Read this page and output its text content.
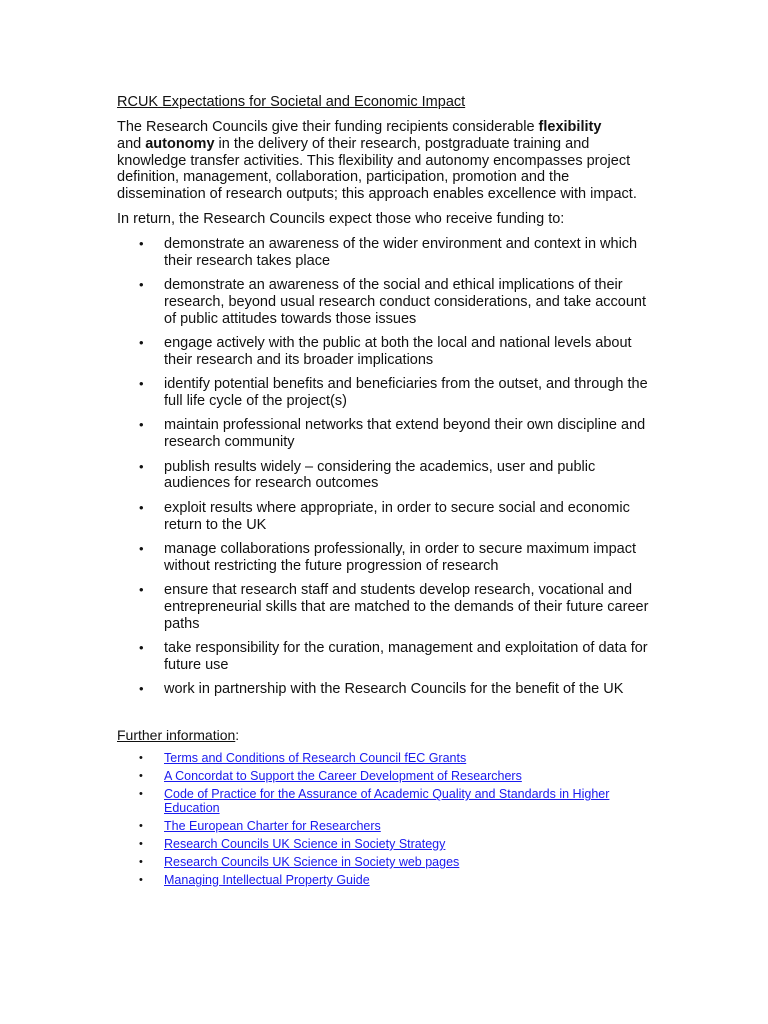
RCUK Expectations for Societal and Economic Impact

The Research Councils give their funding recipients considerable flexibility
and autonomy in the delivery of their research, postgraduate training and knowledge transfer activities. This flexibility and autonomy encompasses project definition, management, collaboration, participation, promotion and the dissemination of research outputs; this approach enables excellence with impact.

In return, the Research Councils expect those who receive funding to:

• demonstrate an awareness of the wider environment and context in which their research takes place
• demonstrate an awareness of the social and ethical implications of their research, beyond usual research conduct considerations, and take account of public attitudes towards those issues
• engage actively with the public at both the local and national levels about their research and its broader implications
• identify potential benefits and beneficiaries from the outset, and through the full life cycle of the project(s)
• maintain professional networks that extend beyond their own discipline and research community
• publish results widely – considering the academics, user and public audiences for research outcomes
• exploit results where appropriate, in order to secure social and economic return to the UK
• manage collaborations professionally, in order to secure maximum impact without restricting the future progression of research
• ensure that research staff and students develop research, vocational and entrepreneurial skills that are matched to the demands of their future career paths
• take responsibility for the curation, management and exploitation of data for future use
• work in partnership with the Research Councils for the benefit of the UK
Further information:
• Terms and Conditions of Research Council fEC Grants
• A Concordat to Support the Career Development of Researchers
• Code of Practice for the Assurance of Academic Quality and Standards in Higher Education
• The European Charter for Researchers
• Research Councils UK Science in Society Strategy
• Research Councils UK Science in Society web pages
• Managing Intellectual Property Guide
